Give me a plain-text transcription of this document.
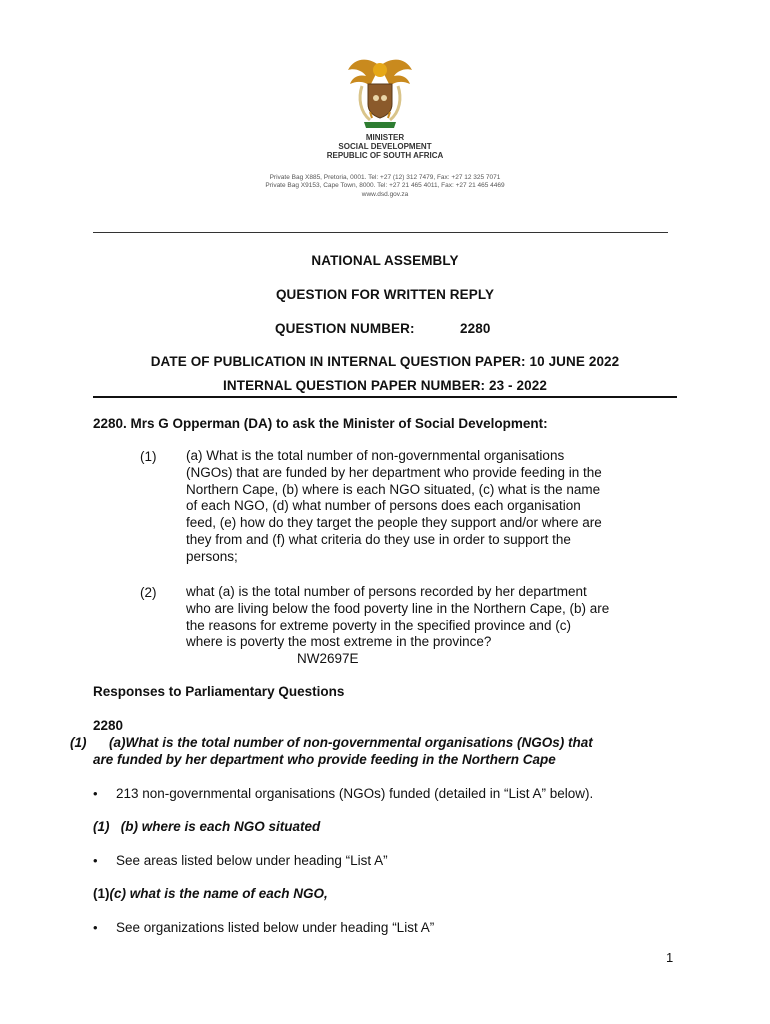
MINISTER
SOCIAL DEVELOPMENT
REPUBLIC OF SOUTH AFRICA
Private Bag X885, Pretoria, 0001. Tel: +27 (12) 312 7479, Fax: +27 12 325 7071
Private Bag X9153, Cape Town, 8000. Tel: +27 21 465 4011, Fax: +27 21 465 4469
www.dsd.gov.za
NATIONAL ASSEMBLY
QUESTION FOR WRITTEN REPLY
QUESTION NUMBER:	2280
DATE OF PUBLICATION IN INTERNAL QUESTION PAPER: 10 JUNE 2022
INTERNAL QUESTION PAPER NUMBER: 23 - 2022
2280. Mrs G Opperman (DA) to ask the Minister of Social Development:
(1) (a) What is the total number of non-governmental organisations
(NGOs) that are funded by her department who provide feeding in the
Northern Cape, (b) where is each NGO situated, (c) what is the name
of each NGO, (d) what number of persons does each organisation
feed, (e) how do they target the people they support and/or where are
they from and (f) what criteria do they use in order to support the
persons;
(2) what (a) is the total number of persons recorded by her department
who are living below the food poverty line in the Northern Cape, (b) are
the reasons for extreme poverty in the specified province and (c)
where is poverty the most extreme in the province?
NW2697E
Responses to Parliamentary Questions
2280
(1)      (a)What is the total number of non-governmental organisations (NGOs) that
are funded by her department who provide feeding in the Northern Cape
• 213 non-governmental organisations (NGOs) funded (detailed in “List A” below).
(1)   (b) where is each NGO situated
• See areas listed below under heading “List A”
(1)(c) what is the name of each NGO,
• See organizations listed below under heading “List A”
1
